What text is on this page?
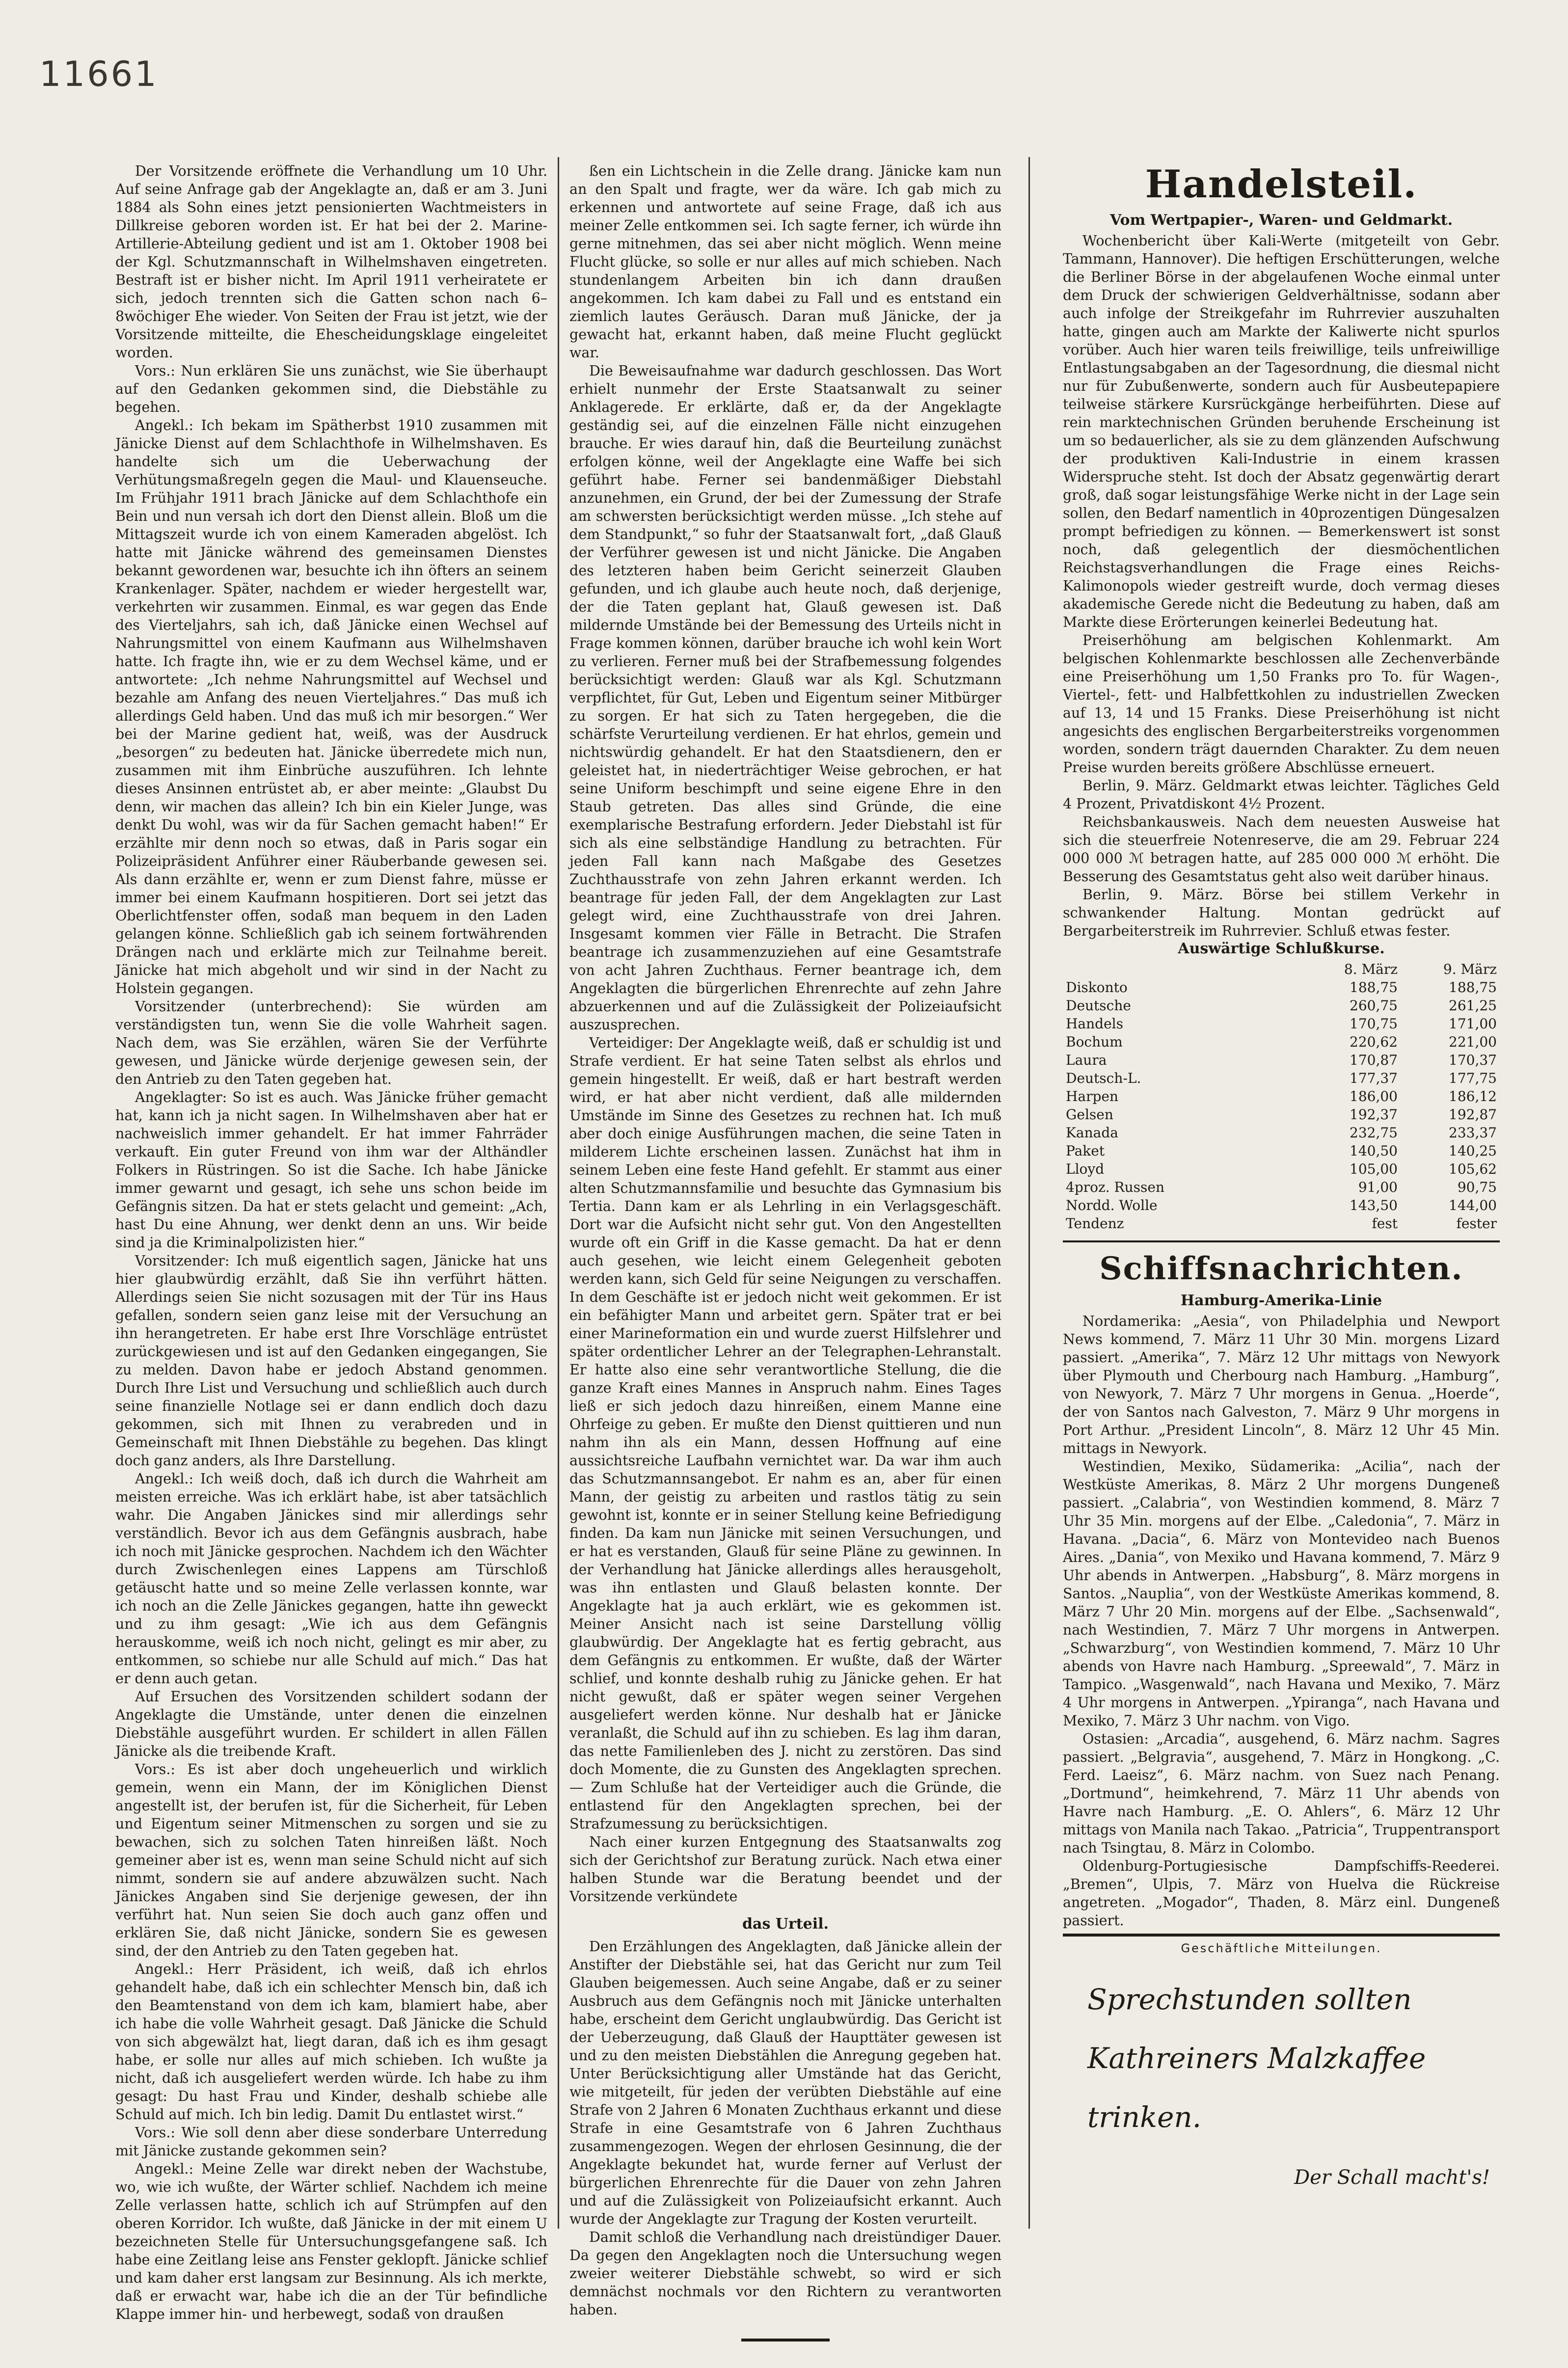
11661

Der Vorsitzende eröffnete die Verhandlung um 10 Uhr. Auf seine Anfrage gab der Angeklagte an, daß er am 3. Juni 1884 als Sohn eines jetzt pensionierten Wachtmeisters in Dillkreise geboren worden ist. Er hat bei der 2. Marine-Artillerie-Abteilung gedient und ist am 1. Oktober 1908 bei der Kgl. Schutzmannschaft in Wilhelmshaven eingetreten. Bestraft ist er bisher nicht. Im April 1911 verheiratete er sich, jedoch trennten sich die Gatten schon nach 6–8wöchiger Ehe wieder. Von Seiten der Frau ist jetzt, wie der Vorsitzende mitteilte, die Ehescheidungsklage eingeleitet worden.

Vors.: Nun erklären Sie uns zunächst, wie Sie überhaupt auf den Gedanken gekommen sind, die Diebstähle zu begehen.

Angekl.: Ich bekam im Spätherbst 1910 zusammen mit Jänicke Dienst auf dem Schlachthofe in Wilhelmshaven. Es handelte sich um die Ueberwachung der Verhütungsmaßregeln gegen die Maul- und Klauenseuche. Im Frühjahr 1911 brach Jänicke auf dem Schlachthofe ein Bein und nun versah ich dort den Dienst allein. Bloß um die Mittagszeit wurde ich von einem Kameraden abgelöst. Ich hatte mit Jänicke während des gemeinsamen Dienstes bekannt gewordenen war, besuchte ich ihn öfters an seinem Krankenlager. Später, nachdem er wieder hergestellt war, verkehrten wir zusammen. Einmal, es war gegen das Ende des Vierteljahrs, sah ich, daß Jänicke einen Wechsel auf Nahrungsmittel von einem Kaufmann aus Wilhelmshaven hatte. Ich fragte ihn, wie er zu dem Wechsel käme, und er antwortete: „Ich nehme Nahrungsmittel auf Wechsel und bezahle am Anfang des neuen Vierteljahres.“ Das muß ich allerdings Geld haben. Und das muß ich mir besorgen.“ Wer bei der Marine gedient hat, weiß, was der Ausdruck „besorgen“ zu bedeuten hat. Jänicke überredete mich nun, zusammen mit ihm Einbrüche auszuführen. Ich lehnte dieses Ansinnen entrüstet ab, er aber meinte: „Glaubst Du denn, wir machen das allein? Ich bin ein Kieler Junge, was denkt Du wohl, was wir da für Sachen gemacht haben!“ Er erzählte mir denn noch so etwas, daß in Paris sogar ein Polizeipräsident Anführer einer Räuberbande gewesen sei. Als dann erzählte er, wenn er zum Dienst fahre, müsse er immer bei einem Kaufmann hospitieren. Dort sei jetzt das Oberlichtfenster offen, sodaß man bequem in den Laden gelangen könne. Schließlich gab ich seinem fortwährenden Drängen nach und erklärte mich zur Teilnahme bereit. Jänicke hat mich abgeholt und wir sind in der Nacht zu Holstein gegangen.

Vorsitzender (unterbrechend): Sie würden am verständigsten tun, wenn Sie die volle Wahrheit sagen. Nach dem, was Sie erzählen, wären Sie der Verführte gewesen, und Jänicke würde derjenige gewesen sein, der den Antrieb zu den Taten gegeben hat.

Angeklagter: So ist es auch. Was Jänicke früher gemacht hat, kann ich ja nicht sagen. In Wilhelmshaven aber hat er nachweislich immer gehandelt. Er hat immer Fahrräder verkauft. Ein guter Freund von ihm war der Althändler Folkers in Rüstringen. So ist die Sache. Ich habe Jänicke immer gewarnt und gesagt, ich sehe uns schon beide im Gefängnis sitzen. Da hat er stets gelacht und gemeint: „Ach, hast Du eine Ahnung, wer denkt denn an uns. Wir beide sind ja die Kriminalpolizisten hier.“

Vorsitzender: Ich muß eigentlich sagen, Jänicke hat uns hier glaubwürdig erzählt, daß Sie ihn verführt hätten. Allerdings seien Sie nicht sozusagen mit der Tür ins Haus gefallen, sondern seien ganz leise mit der Versuchung an ihn herangetreten. Er habe erst Ihre Vorschläge entrüstet zurückgewiesen und ist auf den Gedanken eingegangen, Sie zu melden. Davon habe er jedoch Abstand genommen. Durch Ihre List und Versuchung und schließlich auch durch seine finanzielle Notlage sei er dann endlich doch dazu gekommen, sich mit Ihnen zu verabreden und in Gemeinschaft mit Ihnen Diebstähle zu begehen. Das klingt doch ganz anders, als Ihre Darstellung.

Angekl.: Ich weiß doch, daß ich durch die Wahrheit am meisten erreiche. Was ich erklärt habe, ist aber tatsächlich wahr. Die Angaben Jänickes sind mir allerdings sehr verständlich. Bevor ich aus dem Gefängnis ausbrach, habe ich noch mit Jänicke gesprochen. Nachdem ich den Wächter durch Zwischenlegen eines Lappens am Türschloß getäuscht hatte und so meine Zelle verlassen konnte, war ich noch an die Zelle Jänickes gegangen, hatte ihn geweckt und zu ihm gesagt: „Wie ich aus dem Gefängnis herauskomme, weiß ich noch nicht, gelingt es mir aber, zu entkommen, so schiebe nur alle Schuld auf mich.“ Das hat er denn auch getan.

Auf Ersuchen des Vorsitzenden schildert sodann der Angeklagte die Umstände, unter denen die einzelnen Diebstähle ausgeführt wurden. Er schildert in allen Fällen Jänicke als die treibende Kraft.

Vors.: Es ist aber doch ungeheuerlich und wirklich gemein, wenn ein Mann, der im Königlichen Dienst angestellt ist, der berufen ist, für die Sicherheit, für Leben und Eigentum seiner Mitmenschen zu sorgen und sie zu bewachen, sich zu solchen Taten hinreißen läßt. Noch gemeiner aber ist es, wenn man seine Schuld nicht auf sich nimmt, sondern sie auf andere abzuwälzen sucht. Nach Jänickes Angaben sind Sie derjenige gewesen, der ihn verführt hat. Nun seien Sie doch auch ganz offen und erklären Sie, daß nicht Jänicke, sondern Sie es gewesen sind, der den Antrieb zu den Taten gegeben hat.

Angekl.: Herr Präsident, ich weiß, daß ich ehrlos gehandelt habe, daß ich ein schlechter Mensch bin, daß ich den Beamtenstand von dem ich kam, blamiert habe, aber ich habe die volle Wahrheit gesagt. Daß Jänicke die Schuld von sich abgewälzt hat, liegt daran, daß ich es ihm gesagt habe, er solle nur alles auf mich schieben. Ich wußte ja nicht, daß ich ausgeliefert werden würde. Ich habe zu ihm gesagt: Du hast Frau und Kinder, deshalb schiebe alle Schuld auf mich. Ich bin ledig. Damit Du entlastet wirst.“

Vors.: Wie soll denn aber diese sonderbare Unterredung mit Jänicke zustande gekommen sein?

Angekl.: Meine Zelle war direkt neben der Wachstube, wo, wie ich wußte, der Wärter schlief. Nachdem ich meine Zelle verlassen hatte, schlich ich auf Strümpfen auf den oberen Korridor. Ich wußte, daß Jänicke in der mit einem U bezeichneten Stelle für Untersuchungsgefangene saß. Ich habe eine Zeitlang leise ans Fenster geklopft. Jänicke schlief und kam daher erst langsam zur Besinnung. Als ich merkte, daß er erwacht war, habe ich die an der Tür befindliche Klappe immer hin- und herbewegt, sodaß von draußen

ßen ein Lichtschein in die Zelle drang. Jänicke kam nun an den Spalt und fragte, wer da wäre. Ich gab mich zu erkennen und antwortete auf seine Frage, daß ich aus meiner Zelle entkommen sei. Ich sagte ferner, ich würde ihn gerne mitnehmen, das sei aber nicht möglich. Wenn meine Flucht glücke, so solle er nur alles auf mich schieben. Nach stundenlangem Arbeiten bin ich dann draußen angekommen. Ich kam dabei zu Fall und es entstand ein ziemlich lautes Geräusch. Daran muß Jänicke, der ja gewacht hat, erkannt haben, daß meine Flucht geglückt war.

Die Beweisaufnahme war dadurch geschlossen. Das Wort erhielt nunmehr der Erste Staatsanwalt zu seiner Anklagerede. Er erklärte, daß er, da der Angeklagte geständig sei, auf die einzelnen Fälle nicht einzugehen brauche. Er wies darauf hin, daß die Beurteilung zunächst erfolgen könne, weil der Angeklagte eine Waffe bei sich geführt habe. Ferner sei bandenmäßiger Diebstahl anzunehmen, ein Grund, der bei der Zumessung der Strafe am schwersten berücksichtigt werden müsse. „Ich stehe auf dem Standpunkt,“ so fuhr der Staatsanwalt fort, „daß Glauß der Verführer gewesen ist und nicht Jänicke. Die Angaben des letzteren haben beim Gericht seinerzeit Glauben gefunden, und ich glaube auch heute noch, daß derjenige, der die Taten geplant hat, Glauß gewesen ist. Daß mildernde Umstände bei der Bemessung des Urteils nicht in Frage kommen können, darüber brauche ich wohl kein Wort zu verlieren. Ferner muß bei der Strafbemessung folgendes berücksichtigt werden: Glauß war als Kgl. Schutzmann verpflichtet, für Gut, Leben und Eigentum seiner Mitbürger zu sorgen. Er hat sich zu Taten hergegeben, die die schärfste Verurteilung verdienen. Er hat ehrlos, gemein und nichtswürdig gehandelt. Er hat den Staatsdienern, den er geleistet hat, in niederträchtiger Weise gebrochen, er hat seine Uniform beschimpft und seine eigene Ehre in den Staub getreten. Das alles sind Gründe, die eine exemplarische Bestrafung erfordern. Jeder Diebstahl ist für sich als eine selbständige Handlung zu betrachten. Für jeden Fall kann nach Maßgabe des Gesetzes Zuchthausstrafe von zehn Jahren erkannt werden. Ich beantrage für jeden Fall, der dem Angeklagten zur Last gelegt wird, eine Zuchthausstrafe von drei Jahren. Insgesamt kommen vier Fälle in Betracht. Die Strafen beantrage ich zusammenzuziehen auf eine Gesamtstrafe von acht Jahren Zuchthaus. Ferner beantrage ich, dem Angeklagten die bürgerlichen Ehrenrechte auf zehn Jahre abzuerkennen und auf die Zulässigkeit der Polizeiaufsicht auszusprechen.

Verteidiger: Der Angeklagte weiß, daß er schuldig ist und Strafe verdient. Er hat seine Taten selbst als ehrlos und gemein hingestellt. Er weiß, daß er hart bestraft werden wird, er hat aber nicht verdient, daß alle mildernden Umstände im Sinne des Gesetzes zu rechnen hat. Ich muß aber doch einige Ausführungen machen, die seine Taten in milderem Lichte erscheinen lassen. Zunächst hat ihm in seinem Leben eine feste Hand gefehlt. Er stammt aus einer alten Schutzmannsfamilie und besuchte das Gymnasium bis Tertia. Dann kam er als Lehrling in ein Verlagsgeschäft. Dort war die Aufsicht nicht sehr gut. Von den Angestellten wurde oft ein Griff in die Kasse gemacht. Da hat er denn auch gesehen, wie leicht einem Gelegenheit geboten werden kann, sich Geld für seine Neigungen zu verschaffen. In dem Geschäfte ist er jedoch nicht weit gekommen. Er ist ein befähigter Mann und arbeitet gern. Später trat er bei einer Marineformation ein und wurde zuerst Hilfslehrer und später ordentlicher Lehrer an der Telegraphen-Lehranstalt. Er hatte also eine sehr verantwortliche Stellung, die die ganze Kraft eines Mannes in Anspruch nahm. Eines Tages ließ er sich jedoch dazu hinreißen, einem Manne eine Ohrfeige zu geben. Er mußte den Dienst quittieren und nun nahm ihn als ein Mann, dessen Hoffnung auf eine aussichtsreiche Laufbahn vernichtet war. Da war ihm auch das Schutzmannsangebot. Er nahm es an, aber für einen Mann, der geistig zu arbeiten und rastlos tätig zu sein gewohnt ist, konnte er in seiner Stellung keine Befriedigung finden. Da kam nun Jänicke mit seinen Versuchungen, und er hat es verstanden, Glauß für seine Pläne zu gewinnen. In der Verhandlung hat Jänicke allerdings alles herausgeholt, was ihn entlasten und Glauß belasten konnte. Der Angeklagte hat ja auch erklärt, wie es gekommen ist. Meiner Ansicht nach ist seine Darstellung völlig glaubwürdig. Der Angeklagte hat es fertig gebracht, aus dem Gefängnis zu entkommen. Er wußte, daß der Wärter schlief, und konnte deshalb ruhig zu Jänicke gehen. Er hat nicht gewußt, daß er später wegen seiner Vergehen ausgeliefert werden könne. Nur deshalb hat er Jänicke veranlaßt, die Schuld auf ihn zu schieben. Es lag ihm daran, das nette Familienleben des J. nicht zu zerstören. Das sind doch Momente, die zu Gunsten des Angeklagten sprechen. — Zum Schluße hat der Verteidiger auch die Gründe, die entlastend für den Angeklagten sprechen, bei der Strafzumessung zu berücksichtigen.

Nach einer kurzen Entgegnung des Staatsanwalts zog sich der Gerichtshof zur Beratung zurück. Nach etwa einer halben Stunde war die Beratung beendet und der Vorsitzende verkündete

das Urteil.

Den Erzählungen des Angeklagten, daß Jänicke allein der Anstifter der Diebstähle sei, hat das Gericht nur zum Teil Glauben beigemessen. Auch seine Angabe, daß er zu seiner Ausbruch aus dem Gefängnis noch mit Jänicke unterhalten habe, erscheint dem Gericht unglaubwürdig. Das Gericht ist der Ueberzeugung, daß Glauß der Haupttäter gewesen ist und zu den meisten Diebstählen die Anregung gegeben hat. Unter Berücksichtigung aller Umstände hat das Gericht, wie mitgeteilt, für jeden der verübten Diebstähle auf eine Strafe von 2 Jahren 6 Monaten Zuchthaus erkannt und diese Strafe in eine Gesamtstrafe von 6 Jahren Zuchthaus zusammengezogen. Wegen der ehrlosen Gesinnung, die der Angeklagte bekundet hat, wurde ferner auf Verlust der bürgerlichen Ehrenrechte für die Dauer von zehn Jahren und auf die Zulässigkeit von Polizeiaufsicht erkannt. Auch wurde der Angeklagte zur Tragung der Kosten verurteilt.

Damit schloß die Verhandlung nach dreistündiger Dauer. Da gegen den Angeklagten noch die Untersuchung wegen zweier weiterer Diebstähle schwebt, so wird er sich demnächst nochmals vor den Richtern zu verantworten haben.

Handelsteil.
Vom Wertpapier-, Waren- und Geldmarkt.

Wochenbericht über Kali-Werte (mitgeteilt von Gebr. Tammann, Hannover). Die heftigen Erschütterungen, welche die Berliner Börse in der abgelaufenen Woche einmal unter dem Druck der schwierigen Geldverhältnisse, sodann aber auch infolge der Streikgefahr im Ruhrrevier auszuhalten hatte, gingen auch am Markte der Kaliwerte nicht spurlos vorüber. Auch hier waren teils freiwillige, teils unfreiwillige Entlastungsabgaben an der Tagesordnung, die diesmal nicht nur für Zubußenwerte, sondern auch für Ausbeutepapiere teilweise stärkere Kursrückgänge herbeiführten. Diese auf rein marktechnischen Gründen beruhende Erscheinung ist um so bedauerlicher, als sie zu dem glänzenden Aufschwung der produktiven Kali-Industrie in einem krassen Widerspruche steht. Ist doch der Absatz gegenwärtig derart groß, daß sogar leistungsfähige Werke nicht in der Lage sein sollen, den Bedarf namentlich in 40prozentigen Düngesalzen prompt befriedigen zu können. — Bemerkenswert ist sonst noch, daß gelegentlich der diesmöchentlichen Reichstagsverhandlungen die Frage eines Reichs-Kalimonopols wieder gestreift wurde, doch vermag dieses akademische Gerede nicht die Bedeutung zu haben, daß am Markte diese Erörterungen keinerlei Bedeutung hat.

Preiserhöhung am belgischen Kohlenmarkt. Am belgischen Kohlenmarkte beschlossen alle Zechenverbände eine Preiserhöhung um 1,50 Franks pro To. für Wagen-, Viertel-, fett- und Halbfettkohlen zu industriellen Zwecken auf 13, 14 und 15 Franks. Diese Preiserhöhung ist nicht angesichts des englischen Bergarbeiterstreiks vorgenommen worden, sondern trägt dauernden Charakter. Zu dem neuen Preise wurden bereits größere Abschlüsse erneuert.

Berlin, 9. März. Geldmarkt etwas leichter. Tägliches Geld 4 Prozent, Privatdiskont 4½ Prozent.

Reichsbankausweis. Nach dem neuesten Ausweise hat sich die steuerfreie Notenreserve, die am 29. Februar 224 000 000 ℳ betragen hatte, auf 285 000 000 ℳ erhöht. Die Besserung des Gesamtstatus geht also weit darüber hinaus.

Berlin, 9. März. Börse bei stillem Verkehr in schwankender Haltung. Montan gedrückt auf Bergarbeiterstreik im Ruhrrevier. Schluß etwas fester.

Auswärtige Schlußkurse.
	8. März	9. März
Diskonto	188,75	188,75
Deutsche	260,75	261,25
Handels	170,75	171,00
Bochum	220,62	221,00
Laura	170,87	170,37
Deutsch-L.	177,37	177,75
Harpen	186,00	186,12
Gelsen	192,37	192,87
Kanada	232,75	233,37
Paket	140,50	140,25
Lloyd	105,00	105,62
4proz. Russen	91,00	90,75
Nordd. Wolle	143,50	144,00
Tendenz	fest	fester
Schiffsnachrichten.
Hamburg-Amerika-Linie

Nordamerika: „Aesia“, von Philadelphia und Newport News kommend, 7. März 11 Uhr 30 Min. morgens Lizard passiert. „Amerika“, 7. März 12 Uhr mittags von Newyork über Plymouth und Cherbourg nach Hamburg. „Hamburg“, von Newyork, 7. März 7 Uhr morgens in Genua. „Hoerde“, der von Santos nach Galveston, 7. März 9 Uhr morgens in Port Arthur. „President Lincoln“, 8. März 12 Uhr 45 Min. mittags in Newyork.

Westindien, Mexiko, Südamerika: „Acilia“, nach der Westküste Amerikas, 8. März 2 Uhr morgens Dungeneß passiert. „Calabria“, von Westindien kommend, 8. März 7 Uhr 35 Min. morgens auf der Elbe. „Caledonia“, 7. März in Havana. „Dacia“, 6. März von Montevideo nach Buenos Aires. „Dania“, von Mexiko und Havana kommend, 7. März 9 Uhr abends in Antwerpen. „Habsburg“, 8. März morgens in Santos. „Nauplia“, von der Westküste Amerikas kommend, 8. März 7 Uhr 20 Min. morgens auf der Elbe. „Sachsenwald“, nach Westindien, 7. März 7 Uhr morgens in Antwerpen. „Schwarzburg“, von Westindien kommend, 7. März 10 Uhr abends von Havre nach Hamburg. „Spreewald“, 7. März in Tampico. „Wasgenwald“, nach Havana und Mexiko, 7. März 4 Uhr morgens in Antwerpen. „Ypiranga“, nach Havana und Mexiko, 7. März 3 Uhr nachm. von Vigo.

Ostasien: „Arcadia“, ausgehend, 6. März nachm. Sagres passiert. „Belgravia“, ausgehend, 7. März in Hongkong. „C. Ferd. Laeisz“, 6. März nachm. von Suez nach Penang. „Dortmund“, heimkehrend, 7. März 11 Uhr abends von Havre nach Hamburg. „E. O. Ahlers“, 6. März 12 Uhr mittags von Manila nach Takao. „Patricia“, Truppentransport nach Tsingtau, 8. März in Colombo.

Oldenburg-Portugiesische Dampfschiffs-Reederei. „Bremen“, Ulpis, 7. März von Huelva die Rückreise angetreten. „Mogador“, Thaden, 8. März einl. Dungeneß passiert.

Geschäftliche Mitteilungen.
Sprechstunden sollten
Kathreiners Malzkaffee
trinken.
Der Schall macht's!
